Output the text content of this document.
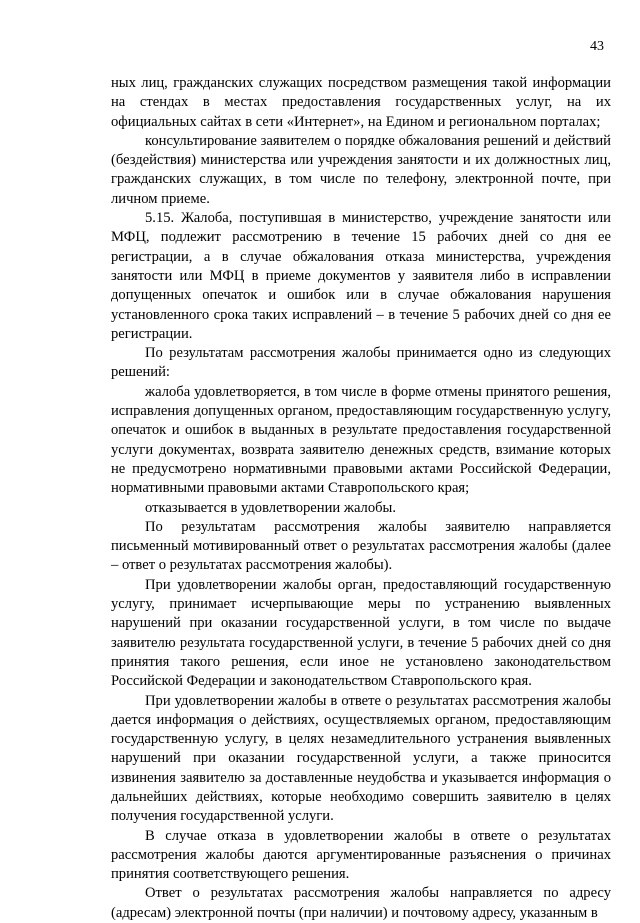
43

ных лиц, гражданских служащих посредством размещения такой информации на стендах в местах предоставления государственных услуг, на их официальных сайтах в сети «Интернет», на Едином и региональном порталах;

консультирование заявителем о порядке обжалования решений и действий (бездействия) министерства или учреждения занятости и их должностных лиц, гражданских служащих, в том числе по телефону, электронной почте, при личном приеме.

5.15. Жалоба, поступившая в министерство, учреждение занятости или МФЦ, подлежит рассмотрению в течение 15 рабочих дней со дня ее регистрации, а в случае обжалования отказа министерства, учреждения занятости или МФЦ в приеме документов у заявителя либо в исправлении допущенных опечаток и ошибок или в случае обжалования нарушения установленного срока таких исправлений – в течение 5 рабочих дней со дня ее регистрации.

По результатам рассмотрения жалобы принимается одно из следующих решений:

жалоба удовлетворяется, в том числе в форме отмены принятого решения, исправления допущенных органом, предоставляющим государственную услугу, опечаток и ошибок в выданных в результате предоставления государственной услуги документах, возврата заявителю денежных средств, взимание которых не предусмотрено нормативными правовыми актами Российской Федерации, нормативными правовыми актами Ставропольского края;

отказывается в удовлетворении жалобы.

По результатам рассмотрения жалобы заявителю направляется письменный мотивированный ответ о результатах рассмотрения жалобы (далее – ответ о результатах рассмотрения жалобы).

При удовлетворении жалобы орган, предоставляющий государственную услугу, принимает исчерпывающие меры по устранению выявленных нарушений при оказании государственной услуги, в том числе по выдаче заявителю результата государственной услуги, в течение 5 рабочих дней со дня принятия такого решения, если иное не установлено законодательством Российской Федерации и законодательством Ставропольского края.

При удовлетворении жалобы в ответе о результатах рассмотрения жалобы дается информация о действиях, осуществляемых органом, предоставляющим государственную услугу, в целях незамедлительного устранения выявленных нарушений при оказании государственной услуги, а также приносится извинения заявителю за доставленные неудобства и указывается информация о дальнейших действиях, которые необходимо совершить заявителю в целях получения государственной услуги.

В случае отказа в удовлетворении жалобы в ответе о результатах рассмотрения жалобы даются аргументированные разъяснения о причинах принятия соответствующего решения.

Ответ о результатах рассмотрения жалобы направляется по адресу (адресам) электронной почты (при наличии) и почтовому адресу, указанным в
